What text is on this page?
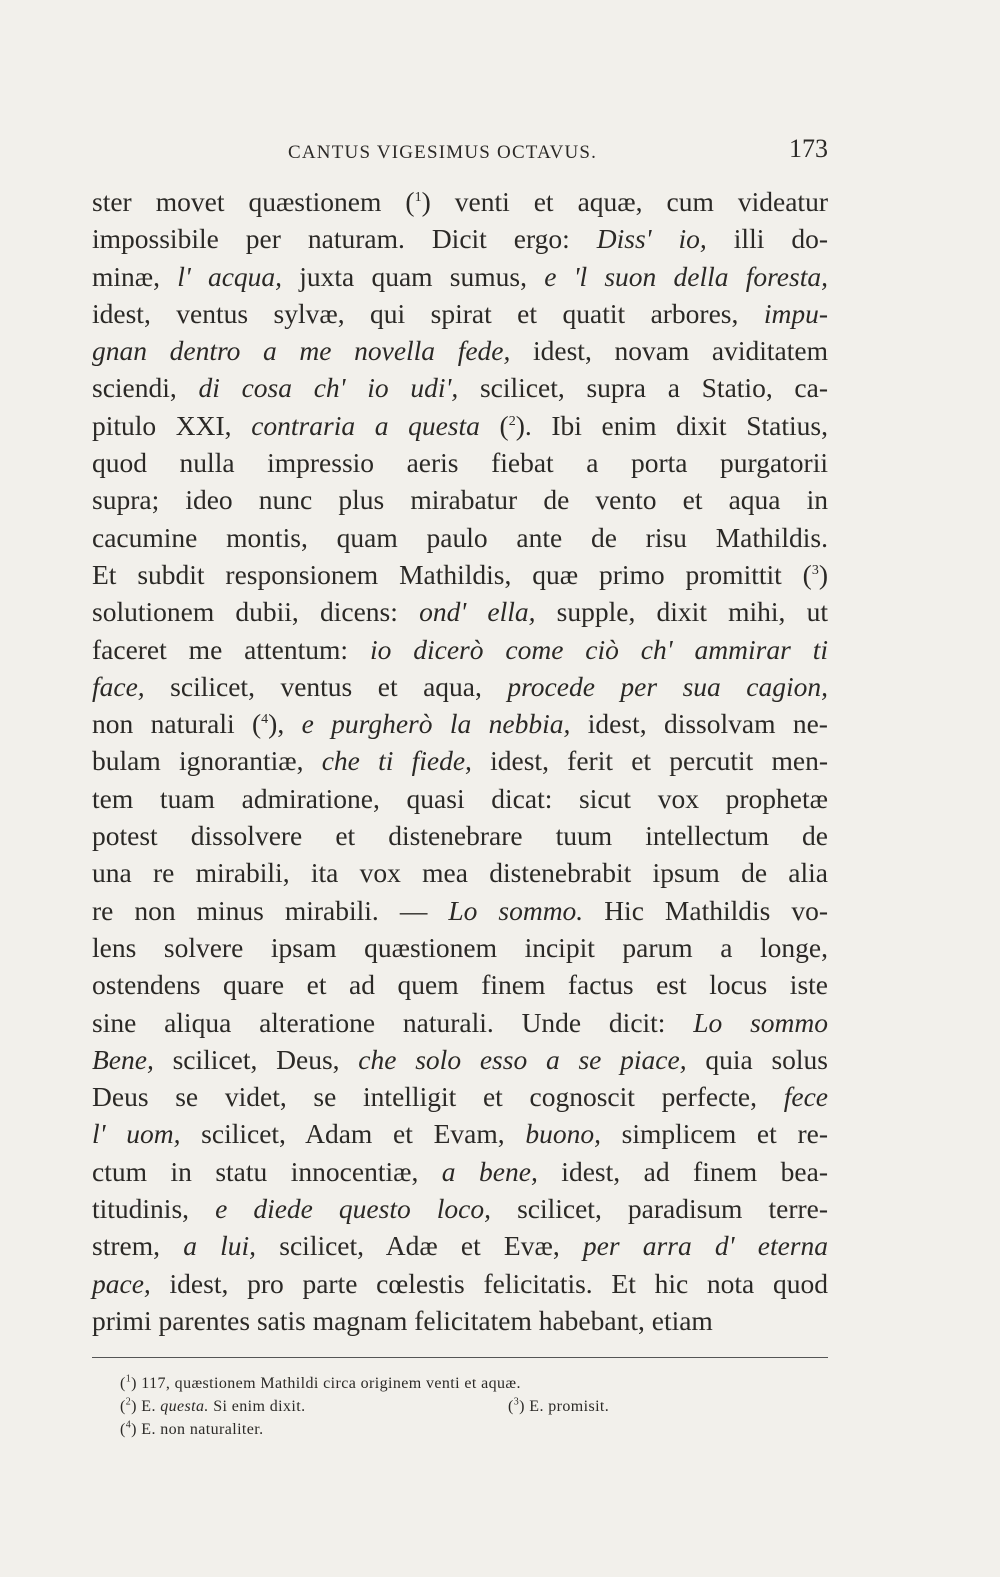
CANTUS VIGESIMUS OCTAVUS.	173
ster movet quæstionem ($^1$) venti et aquæ, cum videatur
impossibile per naturam. Dicit ergo: Diss' io, illi do-
minæ, l' acqua, juxta quam sumus, e 'l suon della foresta,
idest, ventus sylvæ, qui spirat et quatit arbores, impu-
gnan dentro a me novella fede, idest, novam aviditatem
sciendi, di cosa ch' io udi', scilicet, supra a Statio, ca-
pitulo XXI, contraria a questa ($^2$). Ibi enim dixit Statius,
quod nulla impressio aeris fiebat a porta purgatorii
supra; ideo nunc plus mirabatur de vento et aqua in
cacumine montis, quam paulo ante de risu Mathildis.
Et subdit responsionem Mathildis, quæ primo promittit ($^3$)
solutionem dubii, dicens: ond' ella, supple, dixit mihi, ut
faceret me attentum: io dicerò come ciò ch' ammirar ti
face, scilicet, ventus et aqua, procede per sua cagion,
non naturali ($^4$), e purgherò la nebbia, idest, dissolvam ne-
bulam ignorantiæ, che ti fiede, idest, ferit et percutit men-
tem tuam admiratione, quasi dicat: sicut vox prophetæ
potest dissolvere et distenebrare tuum intellectum de
una re mirabili, ita vox mea distenebrabit ipsum de alia
re non minus mirabili. — Lo sommo. Hic Mathildis vo-
lens solvere ipsam quæstionem incipit parum a longe,
ostendens quare et ad quem finem factus est locus iste
sine aliqua alteratione naturali. Unde dicit: Lo sommo
Bene, scilicet, Deus, che solo esso a se piace, quia solus
Deus se videt, se intelligit et cognoscit perfecte, fece
l' uom, scilicet, Adam et Evam, buono, simplicem et re-
ctum in statu innocentiæ, a bene, idest, ad finem bea-
titudinis, e diede questo loco, scilicet, paradisum terre-
strem, a lui, scilicet, Adæ et Evæ, per arra d' eterna
pace, idest, pro parte cœlestis felicitatis. Et hic nota quod
primi parentes satis magnam felicitatem habebant, etiam
($^1$) 117, quæstionem Mathildi circa originem venti et aquæ.
($^2$) E. questa. Si enim dixit.	($^3$) E. promisit.
($^4$) E. non naturaliter.
